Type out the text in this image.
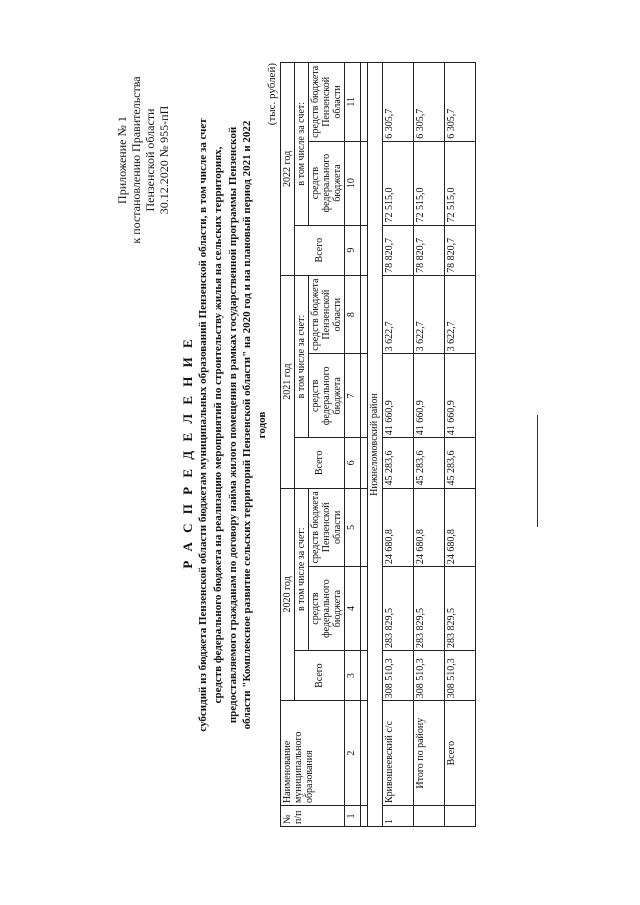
Приложение № 1 к постановлению Правительства Пензенской области 30.12.2020 № 955-пП
Р А С П Р Е Д Е Л Е Н И Е субсидий из бюджета Пензенской области бюджетам муниципальных образований Пензенской области, в том числе за счет средств федерального бюджета на реализацию мероприятий по строительству жилья на сельских территориях, предоставляемого гражданам по договору найма жилого помещения в рамках государственной программы Пензенской области "Комплексное развитие сельских территорий Пензенской области" на 2020 год и на плановый период 2021 и 2022 годов
(тыс. рублей)
№ п/п	Наименование муниципального образования	2020 год			2021 год			2022 год		
		Всего	в том числе за счет:		Всего	в том числе за счет:		Всего	в том числе за счет:	
			средств федерального бюджета	средств бюджета Пензенской области		средств федерального бюджета	средств бюджета Пензенской области		средств федерального бюджета	средств бюджета Пензенской области
1	2	3	4	5	6	7	8	9	10	11

Нижнеломовский район										
1	Кривошеевский с/с	308 510,3	283 829,5	24 680,8	45 283,6	41 660,9	3 622,7	78 820,7	72 515,0	6 305,7
	Итого по району	308 510,3	283 829,5	24 680,8	45 283,6	41 660,9	3 622,7	78 820,7	72 515,0	6 305,7
	Всего	308 510,3	283 829,5	24 680,8	45 283,6	41 660,9	3 622,7	78 820,7	72 515,0	6 305,7
